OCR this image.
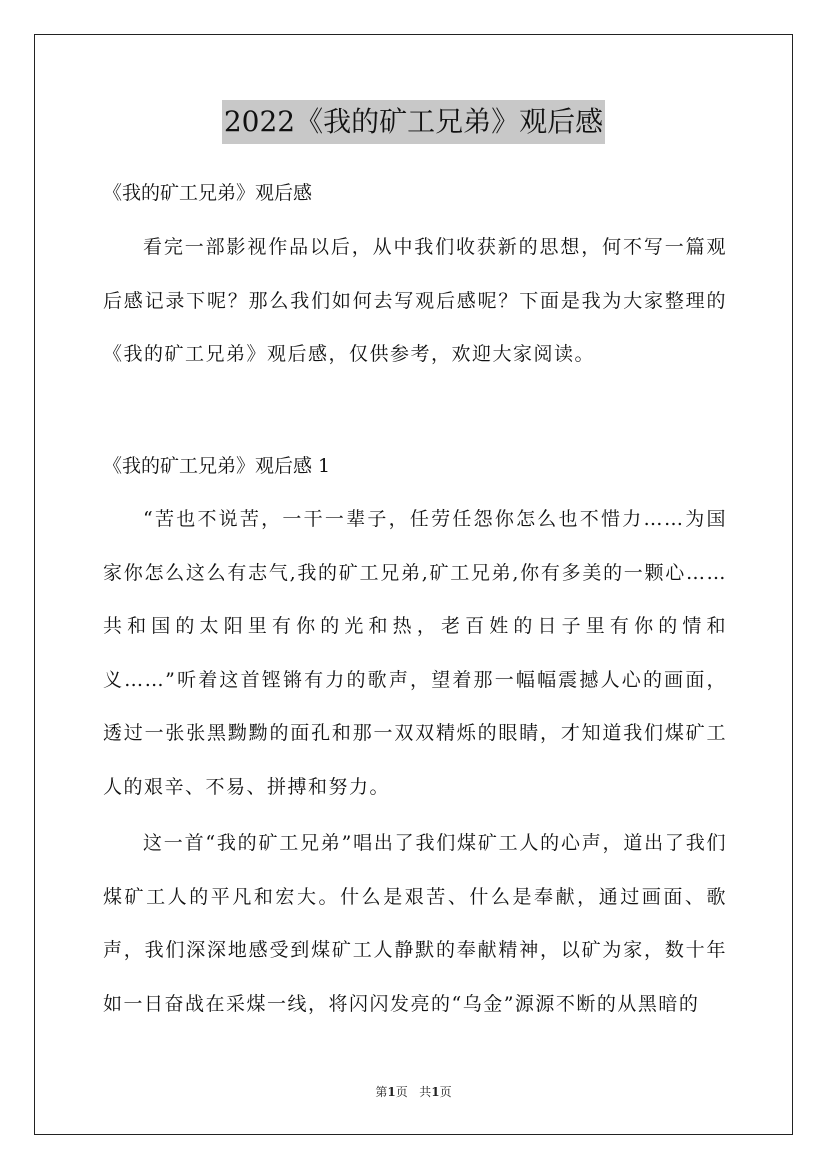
2022《我的矿工兄弟》观后感
《我的矿工兄弟》观后感

看完一部影视作品以后，从中我们收获新的思想，何不写一篇观后感记录下呢？那么我们如何去写观后感呢？下面是我为大家整理的《我的矿工兄弟》观后感，仅供参考，欢迎大家阅读。

《我的矿工兄弟》观后感 1

“苦也不说苦，一干一辈子，任劳任怨你怎么也不惜力……为国家你怎么这么有志气,我的矿工兄弟,矿工兄弟,你有多美的一颗心……共和国的太阳里有你的光和热，老百姓的日子里有你的情和义……”听着这首铿锵有力的歌声，望着那一幅幅震撼人心的画面，透过一张张黑黝黝的面孔和那一双双精烁的眼睛，才知道我们煤矿工人的艰辛、不易、拼搏和努力。

这一首“我的矿工兄弟”唱出了我们煤矿工人的心声，道出了我们煤矿工人的平凡和宏大。什么是艰苦、什么是奉献，通过画面、歌声，我们深深地感受到煤矿工人静默的奉献精神，以矿为家，数十年如一日奋战在采煤一线，将闪闪发亮的“乌金”源源不断的从黑暗的

第1页 共1页
